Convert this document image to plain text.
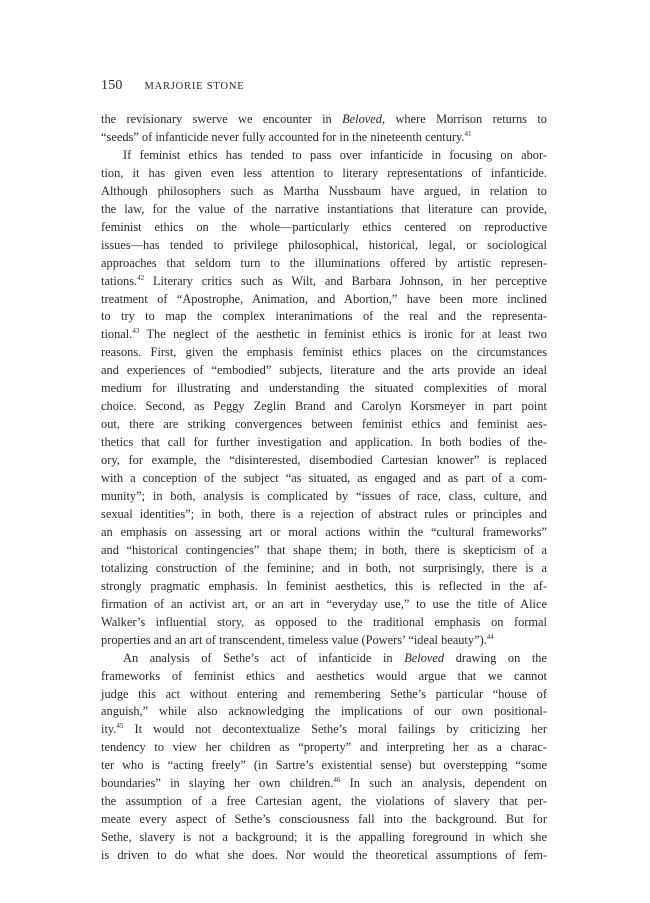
150 MARJORIE STONE
the revisionary swerve we encounter in Beloved, where Morrison returns to
“seeds” of infanticide never fully accounted for in the nineteenth century.$^{41}$
If feminist ethics has tended to pass over infanticide in focusing on abor-
tion, it has given even less attention to literary representations of infanticide.
Although philosophers such as Martha Nussbaum have argued, in relation to
the law, for the value of the narrative instantiations that literature can provide,
feminist ethics on the whole—particularly ethics centered on reproductive
issues—has tended to privilege philosophical, historical, legal, or sociological
approaches that seldom turn to the illuminations offered by artistic represen-
tations.$^{42}$ Literary critics such as Wilt, and Barbara Johnson, in her perceptive
treatment of “Apostrophe, Animation, and Abortion,” have been more inclined
to try to map the complex interanimations of the real and the representa-
tional.$^{43}$ The neglect of the aesthetic in feminist ethics is ironic for at least two
reasons. First, given the emphasis feminist ethics places on the circumstances
and experiences of “embodied” subjects, literature and the arts provide an ideal
medium for illustrating and understanding the situated complexities of moral
choice. Second, as Peggy Zeglin Brand and Carolyn Korsmeyer in part point
out, there are striking convergences between feminist ethics and feminist aes-
thetics that call for further investigation and application. In both bodies of the-
ory, for example, the “disinterested, disembodied Cartesian knower” is replaced
with a conception of the subject “as situated, as engaged and as part of a com-
munity”; in both, analysis is complicated by “issues of race, class, culture, and
sexual identities”; in both, there is a rejection of abstract rules or principles and
an emphasis on assessing art or moral actions within the “cultural frameworks”
and “historical contingencies” that shape them; in both, there is skepticism of a
totalizing construction of the feminine; and in both, not surprisingly, there is a
strongly pragmatic emphasis. In feminist aesthetics, this is reflected in the af-
firmation of an activist art, or an art in “everyday use,” to use the title of Alice
Walker’s influential story, as opposed to the traditional emphasis on formal
properties and an art of transcendent, timeless value (Powers’ “ideal beauty”).$^{44}$
An analysis of Sethe’s act of infanticide in Beloved drawing on the
frameworks of feminist ethics and aesthetics would argue that we cannot
judge this act without entering and remembering Sethe’s particular “house of
anguish,” while also acknowledging the implications of our own positional-
ity.$^{45}$ It would not decontextualize Sethe’s moral failings by criticizing her
tendency to view her children as “property” and interpreting her as a charac-
ter who is “acting freely” (in Sartre’s existential sense) but overstepping “some
boundaries” in slaying her own children.$^{46}$ In such an analysis, dependent on
the assumption of a free Cartesian agent, the violations of slavery that per-
meate every aspect of Sethe’s consciousness fall into the background. But for
Sethe, slavery is not a background; it is the appalling foreground in which she
is driven to do what she does. Nor would the theoretical assumptions of fem-
